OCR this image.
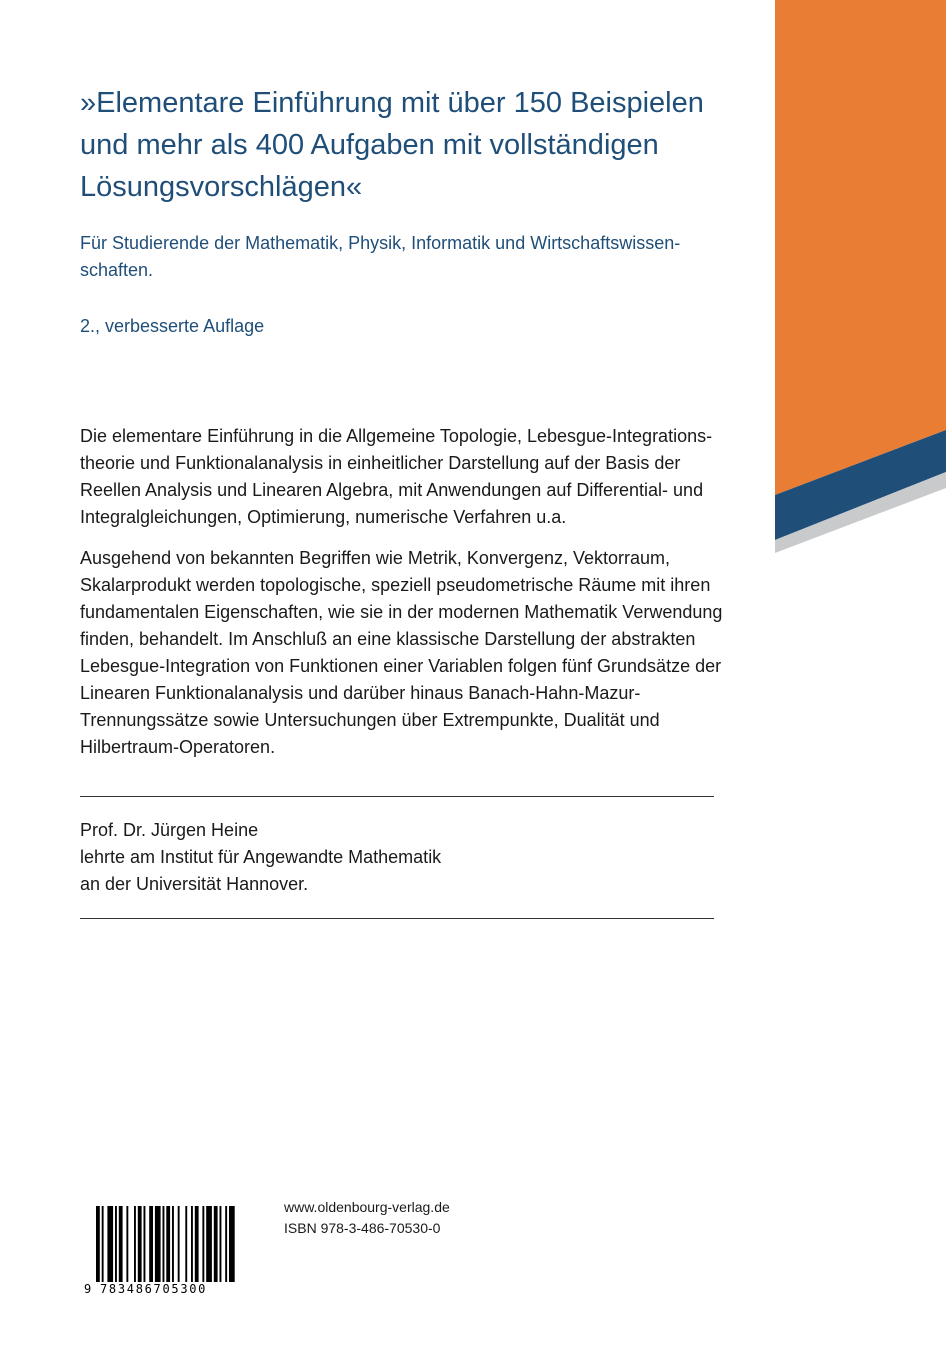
»Elementare Einführung mit über 150 Beispielen und mehr als 400 Aufgaben mit vollständigen Lösungsvorschlägen«

Für Studierende der Mathematik, Physik, Informatik und Wirtschaftswissen-schaften.

2., verbesserte Auflage

Die elementare Einführung in die Allgemeine Topologie, Lebesgue-Integrations-theorie und Funktionalanalysis in einheitlicher Darstellung auf der Basis der Reellen Analysis und Linearen Algebra, mit Anwendungen auf Differential- und Integralgleichungen, Optimierung, numerische Verfahren u.a.

Ausgehend von bekannten Begriffen wie Metrik, Konvergenz, Vektorraum, Skalarprodukt werden topologische, speziell pseudometrische Räume mit ihren fundamentalen Eigenschaften, wie sie in der modernen Mathematik Verwendung finden, behandelt. Im Anschluß an eine klassische Darstellung der abstrakten Lebesgue-Integration von Funktionen einer Variablen folgen fünf Grundsätze der Linearen Funktionalanalysis und darüber hinaus Banach-Hahn-Mazur-Trennungssätze sowie Untersuchungen über Extrempunkte, Dualität und Hilbertraum-Operatoren.

Prof. Dr. Jürgen Heine
lehrte am Institut für Angewandte Mathematik
an der Universität Hannover.
9 783486705300
www.oldenbourg-verlag.de
ISBN 978-3-486-70530-0
